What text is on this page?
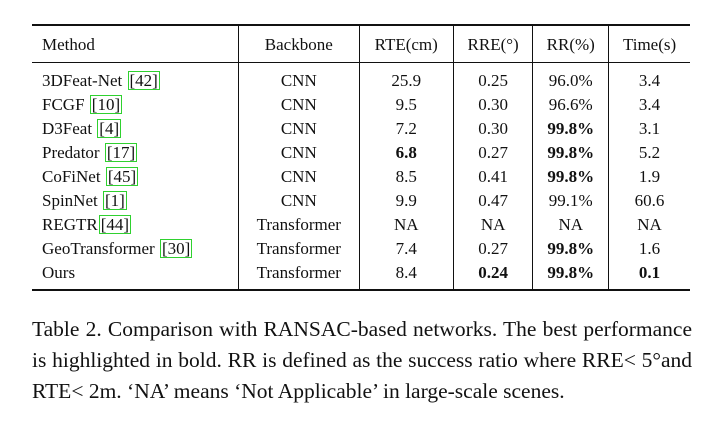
Method	Backbone	RTE(cm)	RRE(°)	RR(%)	Time(s)
3DFeat-Net [42]	CNN	25.9	0.25	96.0%	3.4
FCGF [10]	CNN	9.5	0.30	96.6%	3.4
D3Feat [4]	CNN	7.2	0.30	99.8%	3.1
Predator [17]	CNN	6.8	0.27	99.8%	5.2
CoFiNet [45]	CNN	8.5	0.41	99.8%	1.9
SpinNet [1]	CNN	9.9	0.47	99.1%	60.6
REGTR [44]	Transformer	NA	NA	NA	NA
GeoTransformer [30]	Transformer	7.4	0.27	99.8%	1.6
Ours	Transformer	8.4	0.24	99.8%	0.1

Table 2. Comparison with RANSAC-based networks. The best performance is highlighted in bold. RR is defined as the success ratio where RRE< 5°and RTE< 2m. ‘NA’ means ‘Not Applicable’ in large-scale scenes.
